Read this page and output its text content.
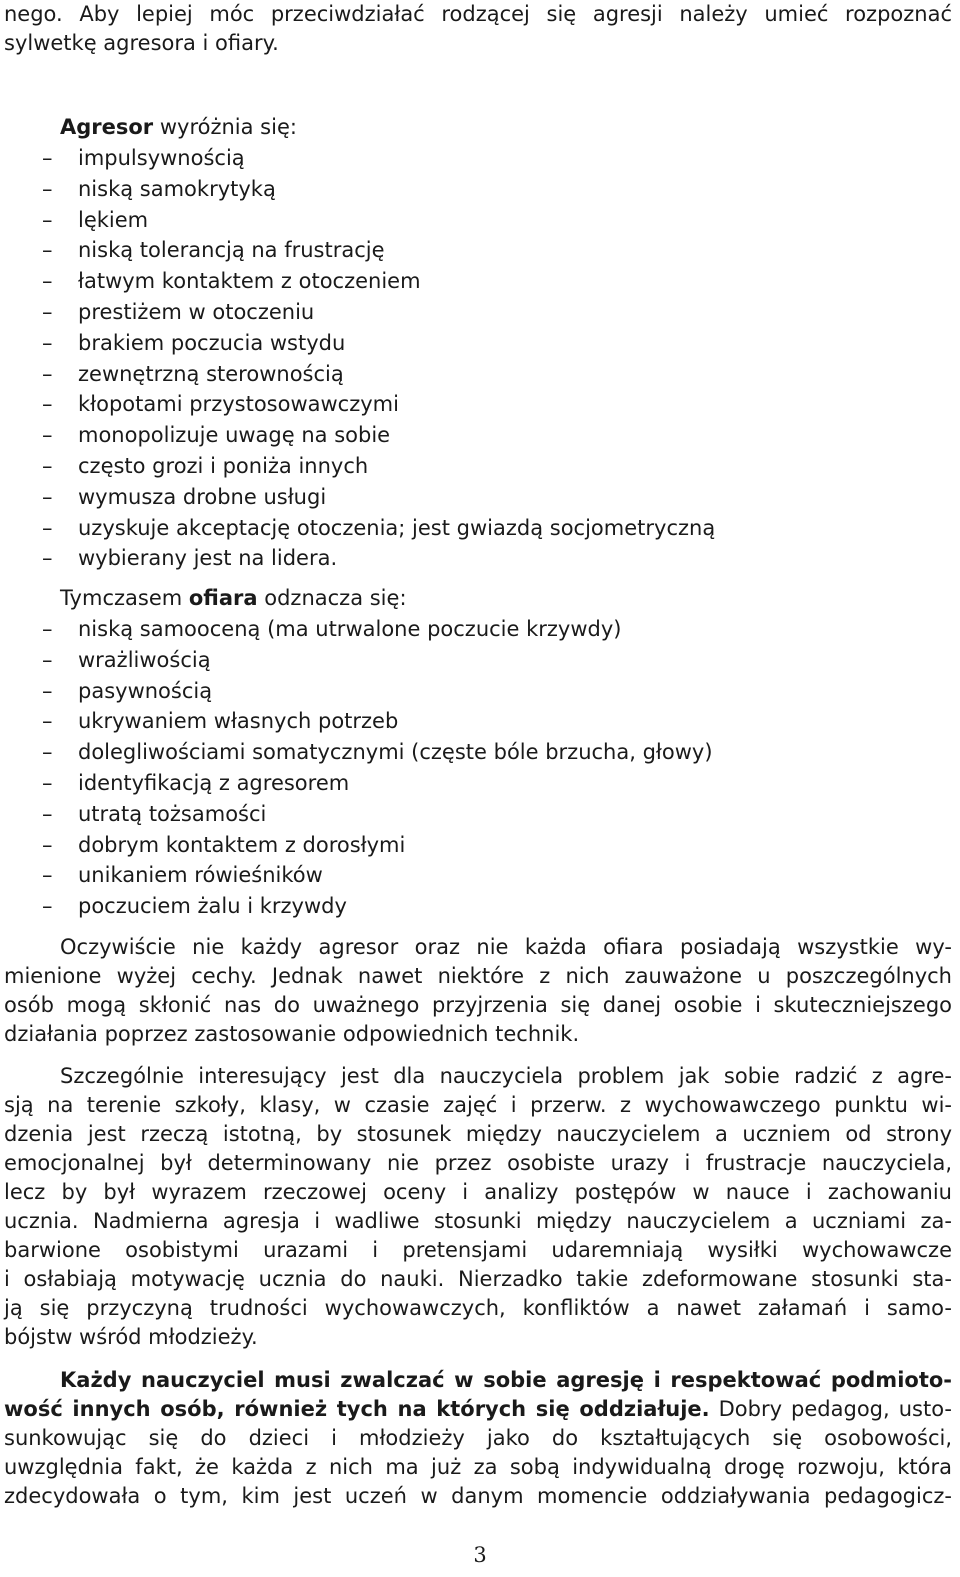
nego. Aby lepiej móc przeciwdziałać rodzącej się agresji należy umieć rozpoznać
sylwetkę agresora i ofiary.

Agresor wyróżnia się:

– impulsywnością
– niską samokrytyką
– lękiem
– niską tolerancją na frustrację
– łatwym kontaktem z otoczeniem
– prestiżem w otoczeniu
– brakiem poczucia wstydu
– zewnętrzną sterownością
– kłopotami przystosowawczymi
– monopolizuje uwagę na sobie
– często grozi i poniża innych
– wymusza drobne usługi
– uzyskuje akceptację otoczenia; jest gwiazdą socjometryczną
– wybierany jest na lidera.

Tymczasem ofiara odznacza się:

– niską samooceną (ma utrwalone poczucie krzywdy)
– wrażliwością
– pasywnością
– ukrywaniem własnych potrzeb
– dolegliwościami somatycznymi (częste bóle brzucha, głowy)
– identyfikacją z agresorem
– utratą tożsamości
– dobrym kontaktem z dorosłymi
– unikaniem rówieśników
– poczuciem żalu i krzywdy

Oczywiście nie każdy agresor oraz nie każda ofiara posiadają wszystkie wy-
mienione wyżej cechy. Jednak nawet niektóre z nich zauważone u poszczególnych
osób mogą skłonić nas do uważnego przyjrzenia się danej osobie i skuteczniejszego
działania poprzez zastosowanie odpowiednich technik.

Szczególnie interesujący jest dla nauczyciela problem jak sobie radzić z agre-
sją na terenie szkoły, klasy, w czasie zajęć i przerw. z wychowawczego punktu wi-
dzenia jest rzeczą istotną, by stosunek między nauczycielem a uczniem od strony
emocjonalnej był determinowany nie przez osobiste urazy i frustracje nauczyciela,
lecz by był wyrazem rzeczowej oceny i analizy postępów w nauce i zachowaniu
ucznia. Nadmierna agresja i wadliwe stosunki między nauczycielem a uczniami za-
barwione osobistymi urazami i pretensjami udaremniają wysiłki wychowawcze
i osłabiają motywację ucznia do nauki. Nierzadko takie zdeformowane stosunki sta-
ją się przyczyną trudności wychowawczych, konfliktów a nawet załamań i samo-
bójstw wśród młodzieży.

Każdy nauczyciel musi zwalczać w sobie agresję i respektować podmioto-
wość innych osób, również tych na których się oddziałuje. Dobry pedagog, usto-
sunkowując się do dzieci i młodzieży jako do kształtujących się osobowości,
uwzględnia fakt, że każda z nich ma już za sobą indywidualną drogę rozwoju, która
zdecydowała o tym, kim jest uczeń w danym momencie oddziaływania pedagogicz-

3
